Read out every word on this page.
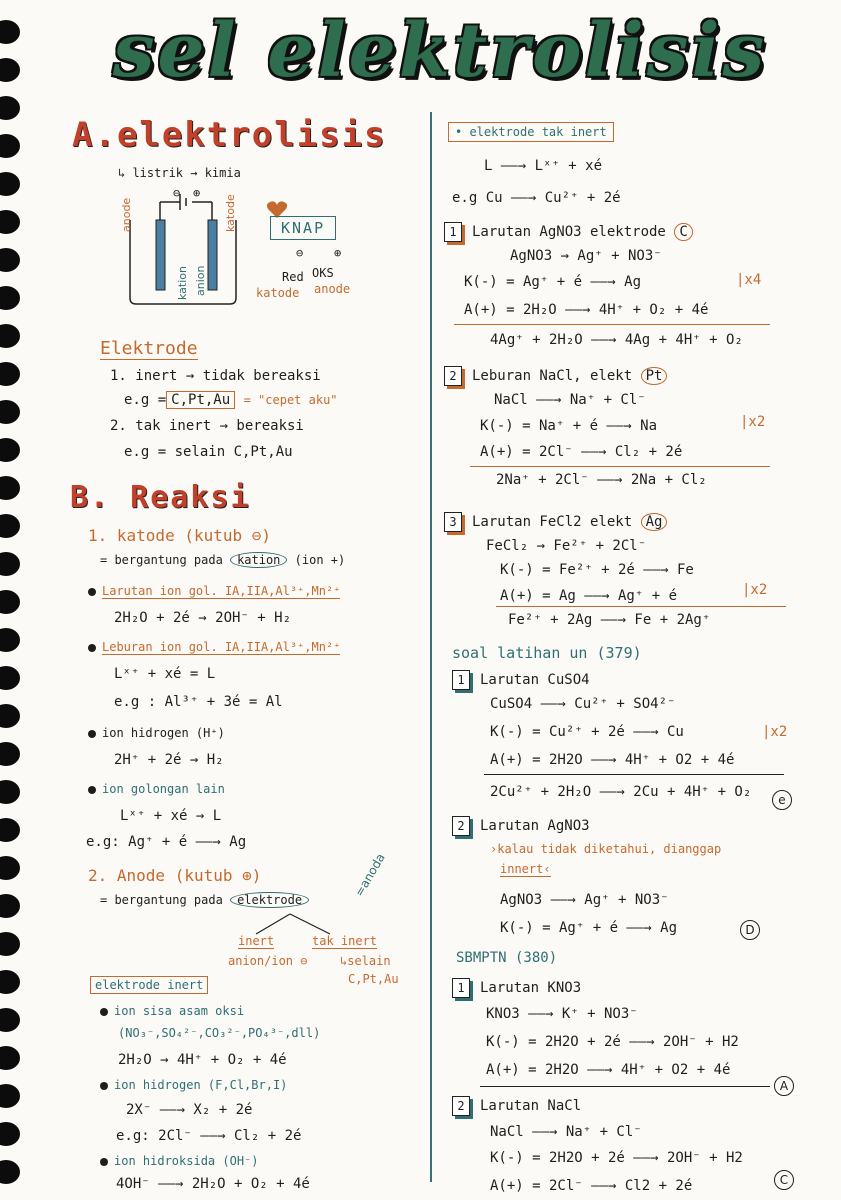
sel elektrolisis
A.elektrolisis
↳ listrik → kimia
anode	katode
kation anion
⊖ ⊕
KNAP
⊖	⊕
Red OKS
katode anode
Elektrode
1. inert → tidak bereaksi
e.g = C,Pt,Au = "cepet aku"
2. tak inert → bereaksi
e.g = selain C,Pt,Au
B. Reaksi
1. katode (kutub ⊖)
= bergantung pada kation (ion +)
Larutan ion gol. IA,IIA,Al³⁺,Mn²⁺
2H₂O + 2é → 2OH⁻ + H₂
Leburan ion gol. IA,IIA,Al³⁺,Mn²⁺
Lˣ⁺ + xé = L
e.g : Al³⁺ + 3é = Al
ion hidrogen (H⁺)
2H⁺ + 2é → H₂
ion golongan lain
Lˣ⁺ + xé → L
e.g: Ag⁺ + é ——→ Ag
2. Anode (kutub ⊕)	=anoda
= bergantung pada elektrode
inert
anion/ion ⊖
tak inert
↳selain
C,Pt,Au
elektrode inert
ion sisa asam oksi
(NO₃⁻,SO₄²⁻,CO₃²⁻,PO₄³⁻,dll)
2H₂O → 4H⁺ + O₂ + 4é
ion hidrogen (F,Cl,Br,I)
2X⁻ ——→ X₂ + 2é
e.g: 2Cl⁻ ——→ Cl₂ + 2é
ion hidroksida (OH⁻)
4OH⁻ ——→ 2H₂O + O₂ + 4é
• elektrode tak inert
L ——→ Lˣ⁺ + xé
e.g Cu ——→ Cu²⁺ + 2é
1 Larutan AgNO3 elektrode C
AgNO3 → Ag⁺ + NO3⁻
K(-) = Ag⁺ + é ——→ Ag	|x4
A(+) = 2H₂O ——→ 4H⁺ + O₂ + 4é
4Ag⁺ + 2H₂O ——→ 4Ag + 4H⁺ + O₂
2 Leburan NaCl, elekt Pt
NaCl ——→ Na⁺ + Cl⁻
K(-) = Na⁺ + é ——→ Na	|x2
A(+) = 2Cl⁻ ——→ Cl₂ + 2é
2Na⁺ + 2Cl⁻ ——→ 2Na + Cl₂
3 Larutan FeCl2 elekt Ag
FeCl₂ → Fe²⁺ + 2Cl⁻
K(-) = Fe²⁺ + 2é ——→ Fe
A(+) = Ag ——→ Ag⁺ + é	|x2
Fe²⁺ + 2Ag ——→ Fe + 2Ag⁺
soal latihan un (379)
1 Larutan CuSO4
CuSO4 ——→ Cu²⁺ + SO4²⁻
K(-) = Cu²⁺ + 2é ——→ Cu	|x2
A(+) = 2H2O ——→ 4H⁺ + O2 + 4é
2Cu²⁺ + 2H₂O ——→ 2Cu + 4H⁺ + O₂	e
2 Larutan AgNO3
›kalau tidak diketahui, dianggap
innert‹
AgNO3 ——→ Ag⁺ + NO3⁻
K(-) = Ag⁺ + é ——→ Ag	D
SBMPTN (380)
1 Larutan KNO3
KNO3 ——→ K⁺ + NO3⁻
K(-) = 2H2O + 2é ——→ 2OH⁻ + H2
A(+) = 2H2O ——→ 4H⁺ + O2 + 4é
A
2 Larutan NaCl
NaCl ——→ Na⁺ + Cl⁻
K(-) = 2H2O + 2é ——→ 2OH⁻ + H2
A(+) = 2Cl⁻ ——→ Cl2 + 2é	C
